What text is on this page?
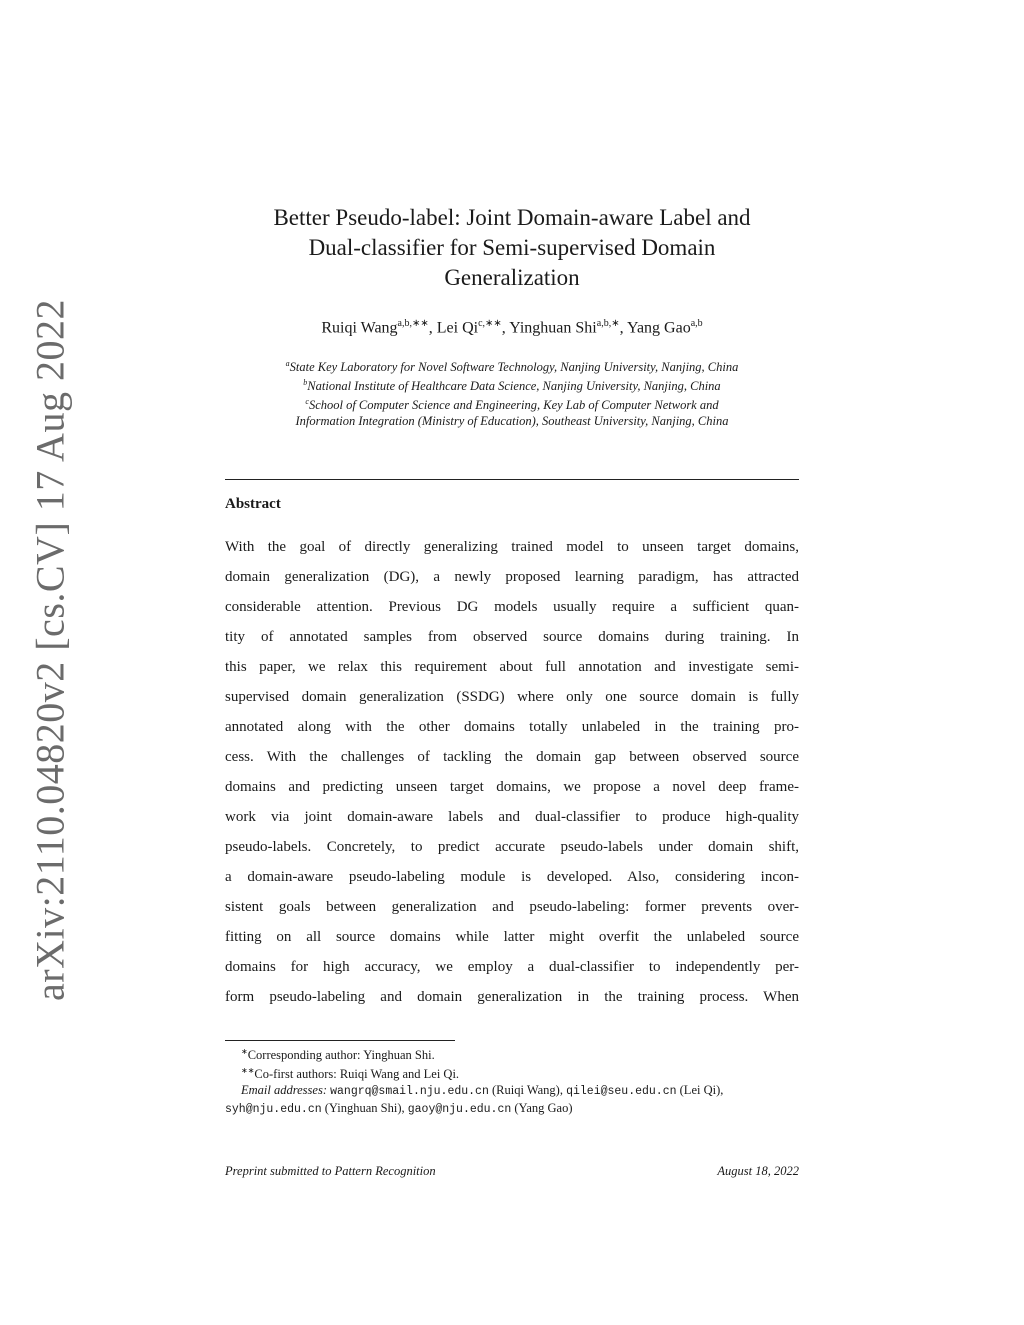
arXiv:2110.04820v2 [cs.CV] 17 Aug 2022
Better Pseudo-label: Joint Domain-aware Label and
Dual-classifier for Semi-supervised Domain
Generalization
Ruiqi Wang$^{a,b,∗∗}$, Lei $Qi^{c,∗∗}$, Yinghuan Shi$^{a,b,∗}$, Yang Gao$^{a,b}$
$^a$State Key Laboratory for Novel Software Technology, Nanjing University, Nanjing, China
$^b$National Institute of Healthcare Data Science, Nanjing University, Nanjing, China
$^c$School of Computer Science and Engineering, Key Lab of Computer Network and
Information Integration (Ministry of Education), Southeast University, Nanjing, China
Abstract
With the goal of directly generalizing trained model to unseen target domains,
domain generalization (DG), a newly proposed learning paradigm, has attracted
considerable attention. Previous DG models usually require a sufficient quan-
tity of annotated samples from observed source domains during training. In
this paper, we relax this requirement about full annotation and investigate semi-
supervised domain generalization (SSDG) where only one source domain is fully
annotated along with the other domains totally unlabeled in the training pro-
cess. With the challenges of tackling the domain gap between observed source
domains and predicting unseen target domains, we propose a novel deep frame-
work via joint domain-aware labels and dual-classifier to produce high-quality
pseudo-labels. Concretely, to predict accurate pseudo-labels under domain shift,
a domain-aware pseudo-labeling module is developed. Also, considering incon-
sistent goals between generalization and pseudo-labeling: former prevents over-
fitting on all source domains while latter might overfit the unlabeled source
domains for high accuracy, we employ a dual-classifier to independently per-
form pseudo-labeling and domain generalization in the training process. When
∗Corresponding author: Yinghuan Shi.
∗∗Co-first authors: Ruiqi Wang and Lei Qi.
Email addresses: wangrq@smail.nju.edu.cn (Ruiqi Wang), qilei@seu.edu.cn (Lei Qi),
syh@nju.edu.cn (Yinghuan Shi), gaoy@nju.edu.cn (Yang Gao)
Preprint submitted to Pattern Recognition	August 18, 2022
